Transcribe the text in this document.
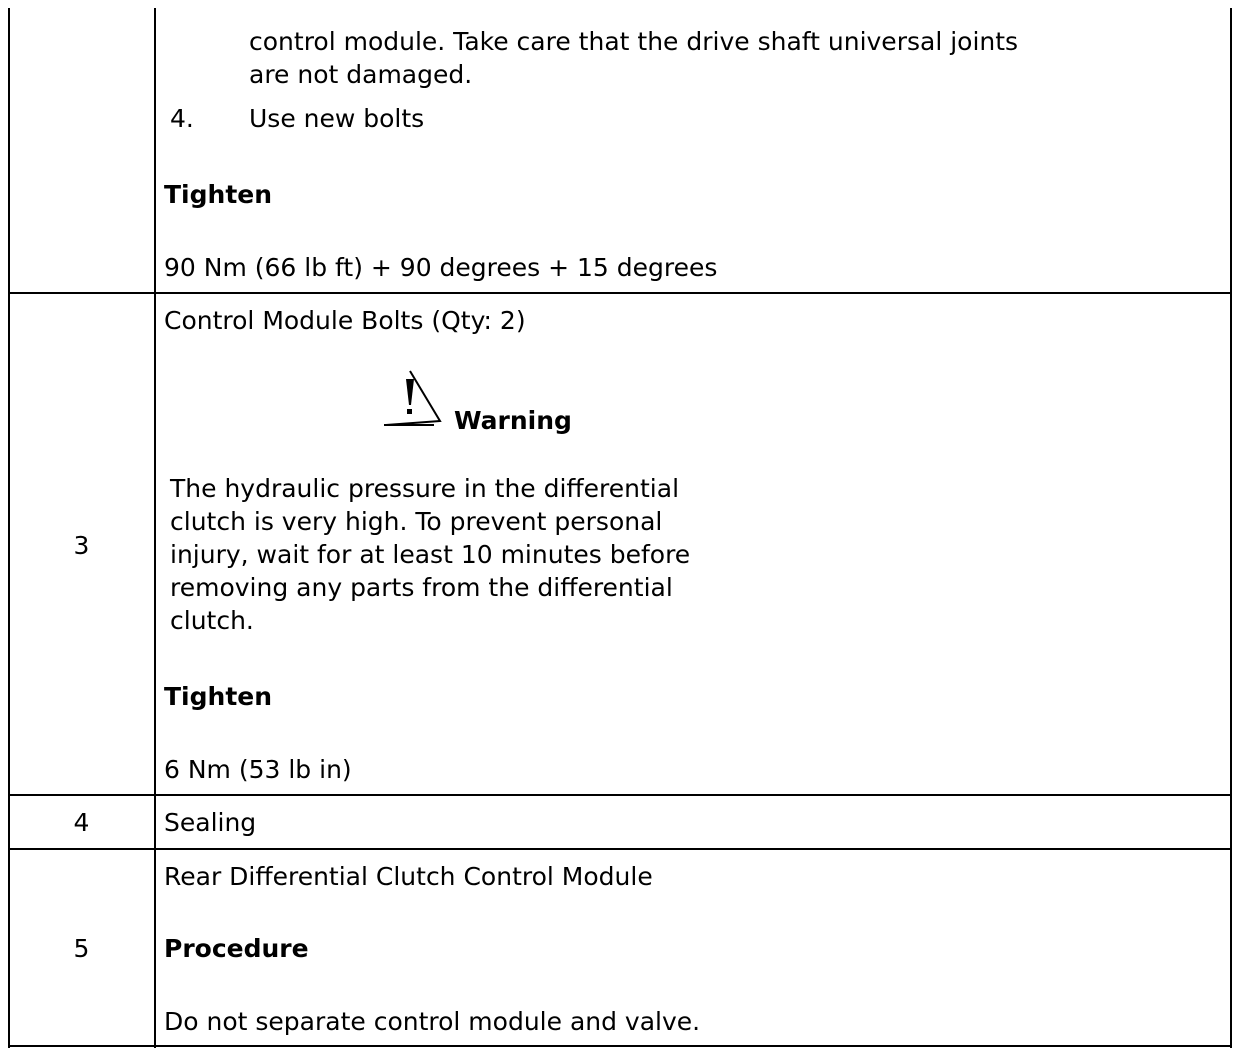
control module. Take care that the drive shaft universal joints
are not damaged.
4. Use new bolts
Tighten
90 Nm (66 lb ft) + 90 degrees + 15 degrees
3
Control Module Bolts (Qty: 2)
Warning
The hydraulic pressure in the differential
clutch is very high. To prevent personal
injury, wait for at least 10 minutes before
removing any parts from the differential
clutch.
Tighten
6 Nm (53 lb in)
4	Sealing
5
Rear Differential Clutch Control Module
Procedure
Do not separate control module and valve.
